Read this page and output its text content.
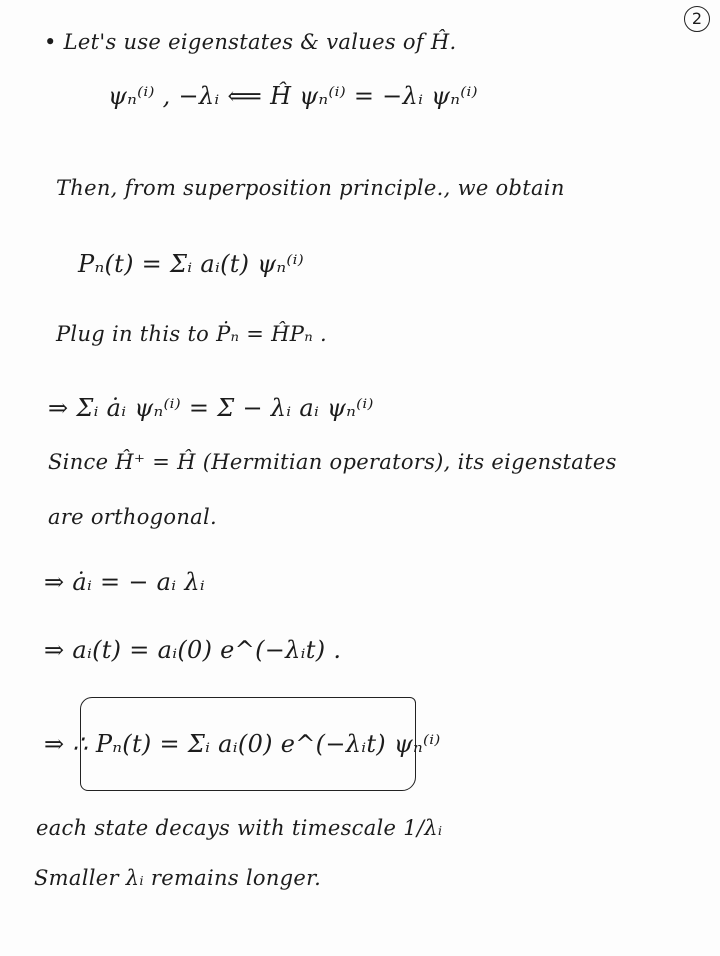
2
• Let's use eigenstates & values of Ĥ.
ψₙ⁽ⁱ⁾ , −λᵢ ⟸ Ĥ ψₙ⁽ⁱ⁾ = −λᵢ ψₙ⁽ⁱ⁾
Then, from superposition principle., we obtain
Pₙ(t) = Σᵢ aᵢ(t) ψₙ⁽ⁱ⁾
Plug in this to Ṗₙ = ĤPₙ .
⇒ Σᵢ ȧᵢ ψₙ⁽ⁱ⁾ = Σ − λᵢ aᵢ ψₙ⁽ⁱ⁾
Since Ĥ⁺ = Ĥ (Hermitian operators), its eigenstates
are orthogonal.
⇒ ȧᵢ = − aᵢ λᵢ
⇒ aᵢ(t) = aᵢ(0) e^(−λᵢt) .
⇒ ∴ Pₙ(t) = Σᵢ aᵢ(0) e^(−λᵢt) ψₙ⁽ⁱ⁾
each state decays with timescale 1/λᵢ
Smaller λᵢ remains longer.
